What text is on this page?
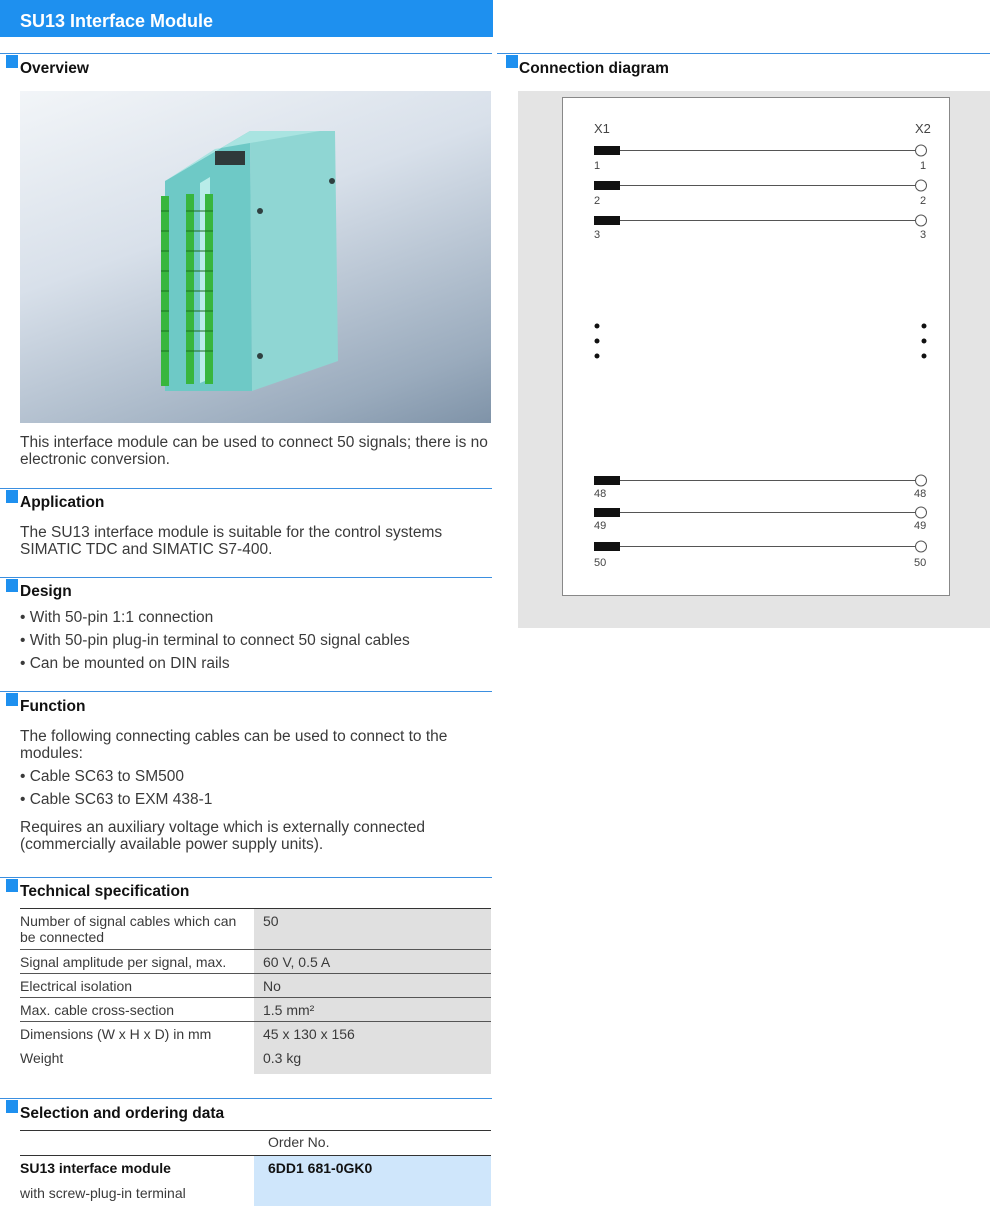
SU13 Interface Module
Overview
This interface module can be used to connect 50 signals; there is no electronic conversion.
Application
The SU13 interface module is suitable for the control systems SIMATIC TDC and SIMATIC S7-400.
Design
• With 50-pin 1:1 connection
• With 50-pin plug-in terminal to connect 50 signal cables
• Can be mounted on DIN rails
Function
The following connecting cables can be used to connect to the modules:
• Cable SC63 to SM500
• Cable SC63 to EXM 438-1
Requires an auxiliary voltage which is externally connected (commercially available power supply units).
Technical specification
Number of signal cables which can be connected	50
Signal amplitude per signal, max.	60 V, 0.5 A
Electrical isolation	No
Max. cable cross-section	1.5 mm²
Dimensions (W x H x D) in mm	45 x 130 x 156
Weight	0.3 kg
Selection and ordering data
Order No.
SU13 interface module	6DD1 681-0GK0
with screw-plug-in terminal
Connection diagram
X1	X2
1	1
2	2
3	3
48	48
49	49
50	50
